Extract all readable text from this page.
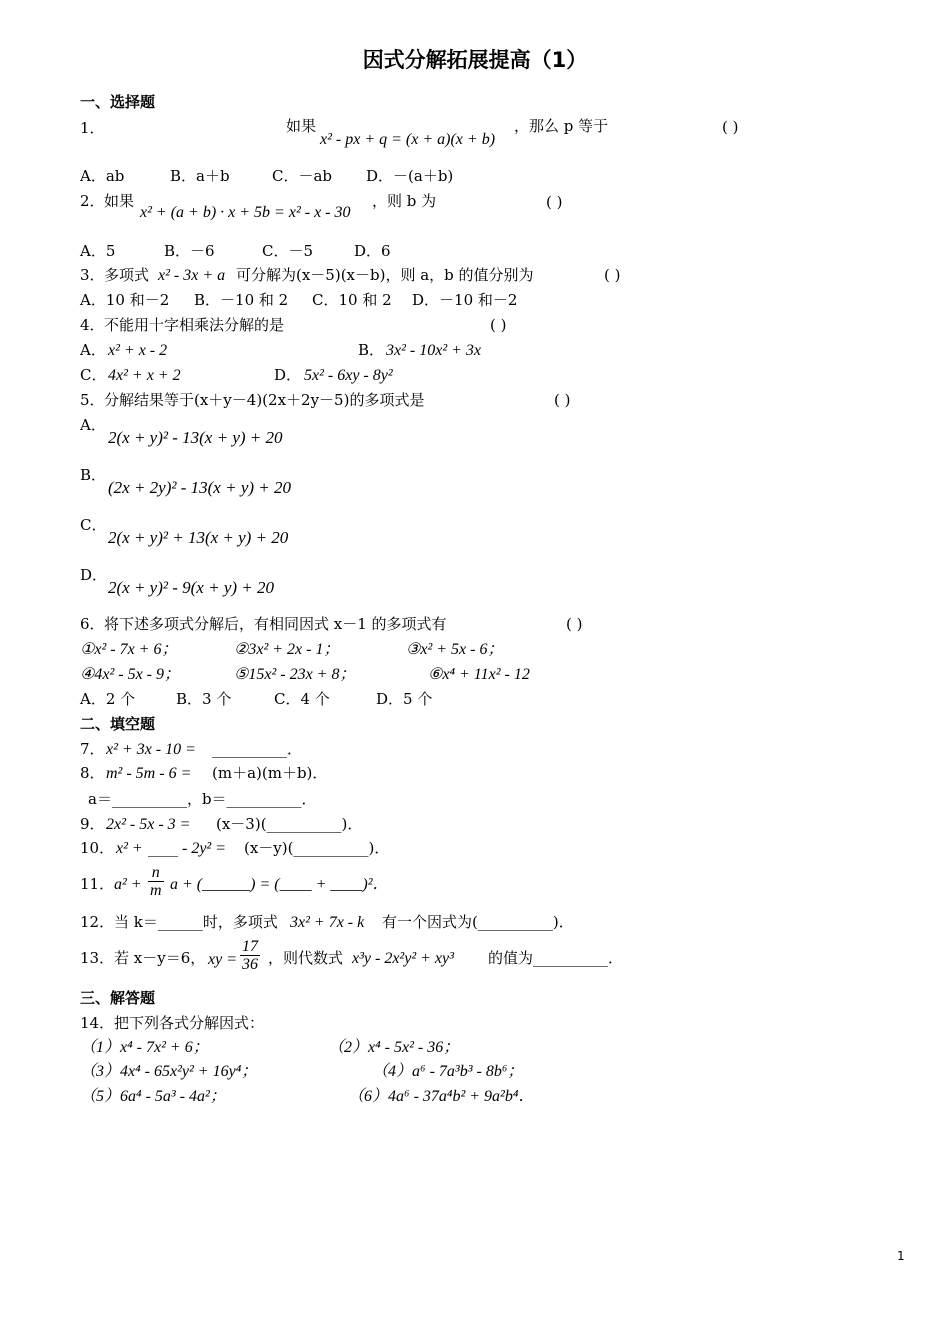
因式分解拓展提高（1）
一、选择题
1．	如果
x² - px + q = (x + a)(x + b)
，那么 p 等于	( )
A．ab	B．a＋b	C．－ab D．－(a＋b)
2． 如果
x² + (a + b) · x + 5b = x² - x - 30
，则 b 为	( )
A．5	B．－6	C．－5	D．6
3． 多项式 x² - 3x + a 可分解为(x－5)(x－b)，则 a，b 的值分别为	( )
A．10 和－2 B．－10 和 2 C．10 和 2 D．－10 和－2
4． 不能用十字相乘法分解的是	( )
A． x² + x - 2	B． 3x² - 10x² + 3x
C． 4x² + x + 2	D． 5x² - 6xy - 8y²
5． 分解结果等于(x＋y－4)(2x＋2y－5)的多项式是	( )
A．
2(x + y)² - 13(x + y) + 20
B．
(2x + 2y)² - 13(x + y) + 20
C．
2(x + y)² + 13(x + y) + 20
D．
2(x + y)² - 9(x + y) + 20
6． 将下述多项式分解后，有相同因式 x－1 的多项式有	( )
①x² - 7x + 6；	②3x² + 2x - 1；	③x² + 5x - 6；
④4x² - 5x - 9；	⑤15x² - 23x + 8；	⑥x⁴ + 11x² - 12
A．2 个	B．3 个	C．4 个	D．5 个
二、填空题
7． x² + 3x - 10 = __________．
8． m² - 5m - 6 = (m＋a)(m＋b)．
a＝__________，b＝__________．
9． 2x² - 5x - 3 = (x－3)(__________)．
10． x² + ____ - 2y² = (x－y)(__________)．
11． $a^2 + \frac{n}{m}$ a + (______) = (____ + ____)²．
12． 当 k＝______时，多项式 3x² + 7x - k 有一个因式为(__________)．
13． 若 x－y＝6， xy = $\frac{17}{36}$ ，则代数式 x³y - 2x²y² + xy³ 的值为__________．
三、解答题
14． 把下列各式分解因式：
（1）x⁴ - 7x² + 6；	（2）x⁴ - 5x² - 36；
（3）4x⁴ - 65x²y² + 16y⁴；	（4）a⁶ - 7a³b³ - 8b⁶；
（5）6a⁴ - 5a³ - 4a²；	（6）4a⁶ - 37a⁴b² + 9a²b⁴．
1
